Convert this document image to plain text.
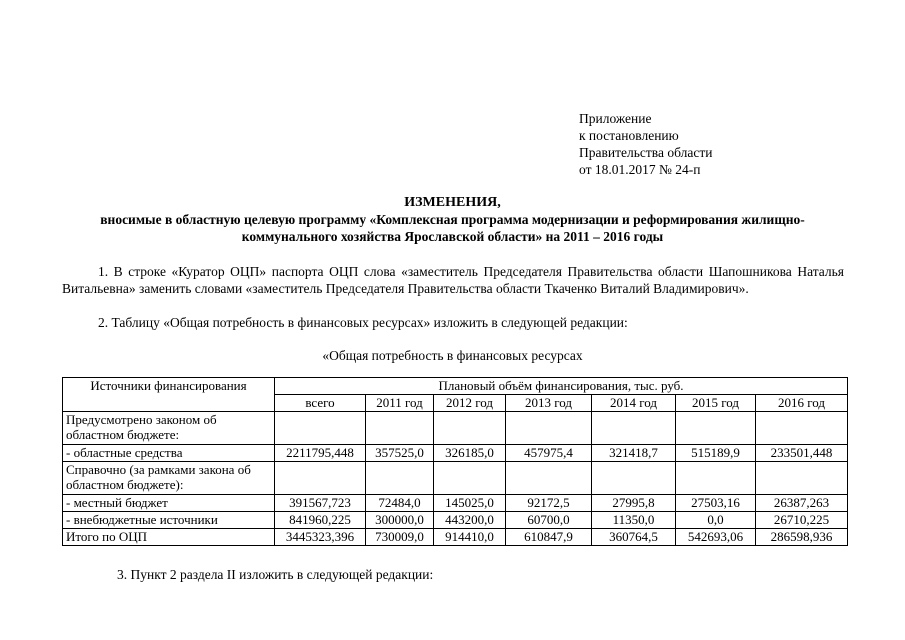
Приложение
к постановлению
Правительства области
от 18.01.2017 № 24-п
ИЗМЕНЕНИЯ,
вносимые в областную целевую программу «Комплексная программа модернизации и реформирования жилищно-коммунального хозяйства Ярославской области» на 2011 – 2016 годы
1. В строке «Куратор ОЦП» паспорта ОЦП слова «заместитель Председателя Правительства области Шапошникова Наталья Витальевна» заменить словами «заместитель Председателя Правительства области Ткаченко Виталий Владимирович».
2. Таблицу «Общая потребность в финансовых ресурсах» изложить в следующей редакции:
«Общая потребность в финансовых ресурсах
Источники финансирования	Плановый объём финансирования, тыс. руб.						
	всего	2011 год	2012 год	2013 год	2014 год	2015 год	2016 год
Предусмотрено законом об областном бюджете:							
- областные средства	2211795,448	357525,0	326185,0	457975,4	321418,7	515189,9	233501,448
Справочно (за рамками закона об областном бюджете):							
- местный бюджет	391567,723	72484,0	145025,0	92172,5	27995,8	27503,16	26387,263
- внебюджетные источники	841960,225	300000,0	443200,0	60700,0	11350,0	0,0	26710,225
Итого по ОЦП	3445323,396	730009,0	914410,0	610847,9	360764,5	542693,06	286598,936
3. Пункт 2 раздела II изложить в следующей редакции:
